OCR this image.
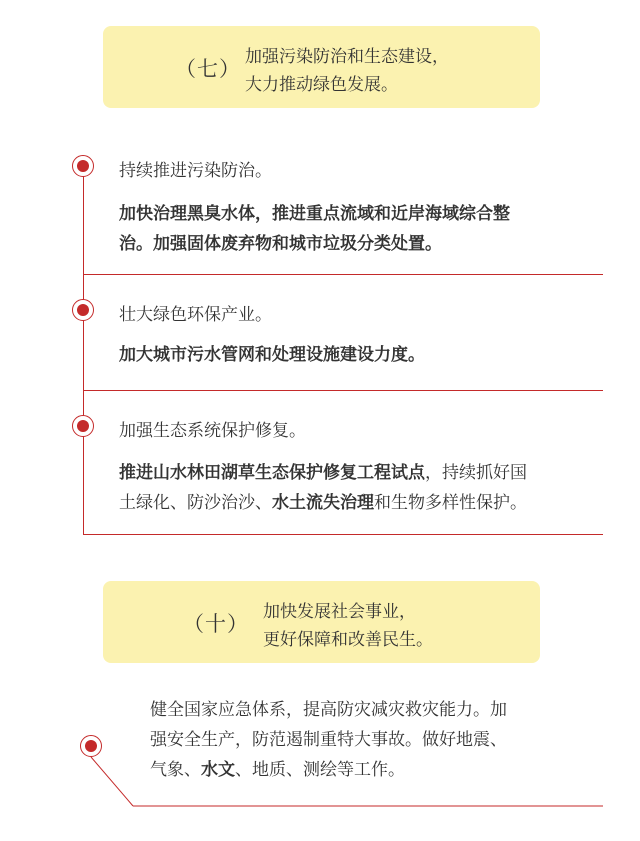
（七） 加强污染防治和生态建设，
大力推动绿色发展。
持续推进污染防治。
加快治理黑臭水体，推进重点流域和近岸海域综合整
治。加强固体废弃物和城市垃圾分类处置。
壮大绿色环保产业。
加大城市污水管网和处理设施建设力度。
加强生态系统保护修复。
推进山水林田湖草生态保护修复工程试点，持续抓好国
土绿化、防沙治沙、水土流失治理和生物多样性保护。
（十） 加快发展社会事业，
更好保障和改善民生。
健全国家应急体系，提高防灾减灾救灾能力。加
强安全生产，防范遏制重特大事故。做好地震、
气象、水文、地质、测绘等工作。
